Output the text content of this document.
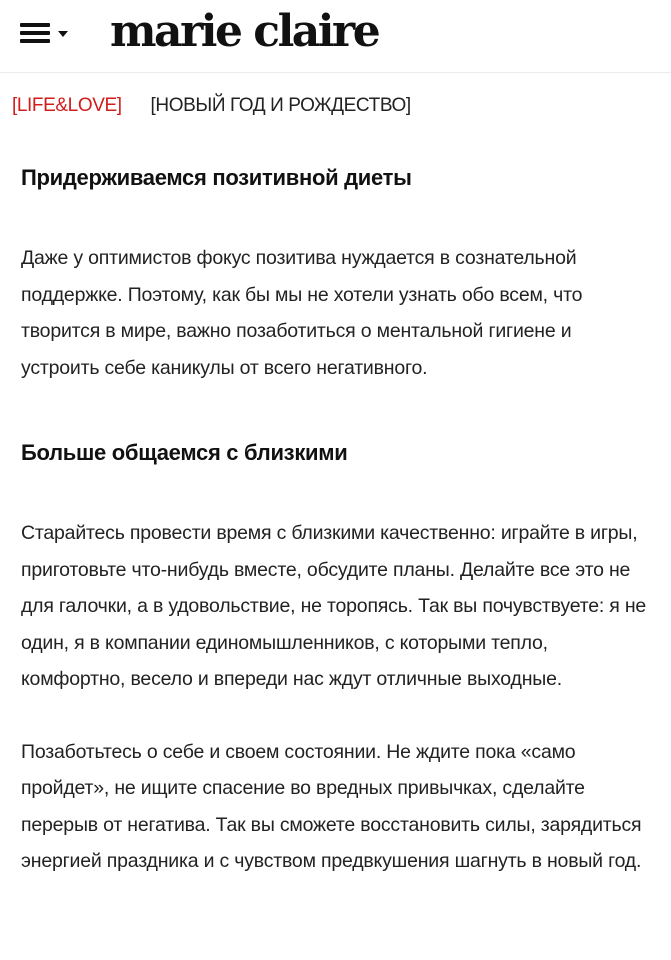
marie claire
[LIFE&LOVE] [НОВЫЙ ГОД И РОЖДЕСТВО]
Придерживаемся позитивной диеты

Даже у оптимистов фокус позитива нуждается в сознательной поддержке. Поэтому, как бы мы не хотели узнать обо всем, что творится в мире, важно позаботиться о ментальной гигиене и устроить себе каникулы от всего негативного.

Больше общаемся с близкими

Старайтесь провести время с близкими качественно: играйте в игры, приготовьте что-нибудь вместе, обсудите планы. Делайте все это не для галочки, а в удовольствие, не торопясь. Так вы почувствуете: я не один, я в компании единомышленников, с которыми тепло, комфортно, весело и впереди нас ждут отличные выходные.

Позаботьтесь о себе и своем состоянии. Не ждите пока «само пройдет», не ищите спасение во вредных привычках, сделайте перерыв от негатива. Так вы сможете восстановить силы, зарядиться энергией праздника и с чувством предвкушения шагнуть в новый год.
